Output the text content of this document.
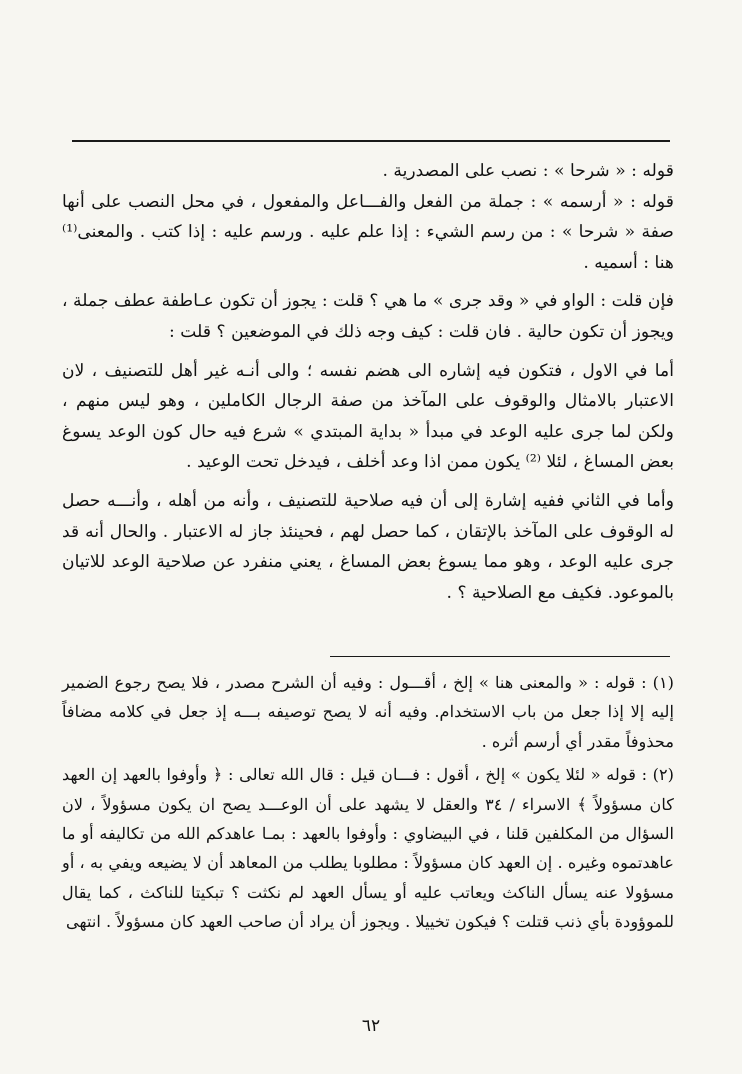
قوله : « شرحا » : نصب على المصدرية .

قوله : « أرسمه » : جملة من الفعل والفـــاعل والمفعول ، في محل النصب على أنها صفة « شرحا » : من رسم الشيء : إذا علم عليه . ورسم عليه : إذا كتب . والمعنى⁽¹⁾ هنا : أسميه .

فإن قلت : الواو في « وقد جرى » ما هي ؟ قلت : يجوز أن تكون عـاطفة عطف جملة ، ويجوز أن تكون حالية . فان قلت : كيف وجه ذلك في الموضعين ؟ قلت :

أما في الاول ، فتكون فيه إشاره الى هضم نفسه ؛ والى أنـه غير أهل للتصنيف ، لان الاعتبار بالامثال والوقوف على المآخذ من صفة الرجال الكاملين ، وهو ليس منهم ، ولكن لما جرى عليه الوعد في مبدأ « بداية المبتدي » شرع فيه حال كون الوعد يسوغ بعض المساغ ، لئلا ⁽²⁾ يكون ممن اذا وعد أخلف ، فيدخل تحت الوعيد .

وأما في الثاني ففيه إشارة إلى أن فيه صلاحية للتصنيف ، وأنه من أهله ، وأنـــه حصل له الوقوف على المآخذ بالإتقان ، كما حصل لهم ، فحينئذ جاز له الاعتبار . والحال أنه قد جرى عليه الوعد ، وهو مما يسوغ بعض المساغ ، يعني منفرد عن صلاحية الوعد للاتيان بالموعود. فكيف مع الصلاحية ؟ .

(١) : قوله : « والمعنى هنا » إلخ ، أقـــول : وفيه أن الشرح مصدر ، فلا يصح رجوع الضمير إليه إلا إذا جعل من باب الاستخدام. وفيه أنه لا يصح توصيفه بـــه إذ جعل في كلامه مضافاً محذوفاً مقدر أي أرسم أثره .

(٢) : قوله « لئلا يكون » إلخ ، أقول : فـــان قيل : قال الله تعالى : ﴿ وأوفوا بالعهد إن العهد كان مسؤولاً ﴾ الاسراء / ٣٤ والعقل لا يشهد على أن الوعـــد يصح ان يكون مسؤولاً ، لان السؤال من المكلفين قلنا ، في البيضاوي : وأوفوا بالعهد : بمـا عاهدكم الله من تكاليفه أو ما عاهدتموه وغيره . إن العهد كان مسؤولاً : مطلوبا يطلب من المعاهد أن لا يضيعه ويفي به ، أو مسؤولا عنه يسأل الناكث ويعاتب عليه أو يسأل العهد لم نكثت ؟ تبكيتا للناكث ، كما يقال للموؤودة بأي ذنب قتلت ؟ فيكون تخييلا . ويجوز أن يراد أن صاحب العهد كان مسؤولاً . انتهى

٦٢
